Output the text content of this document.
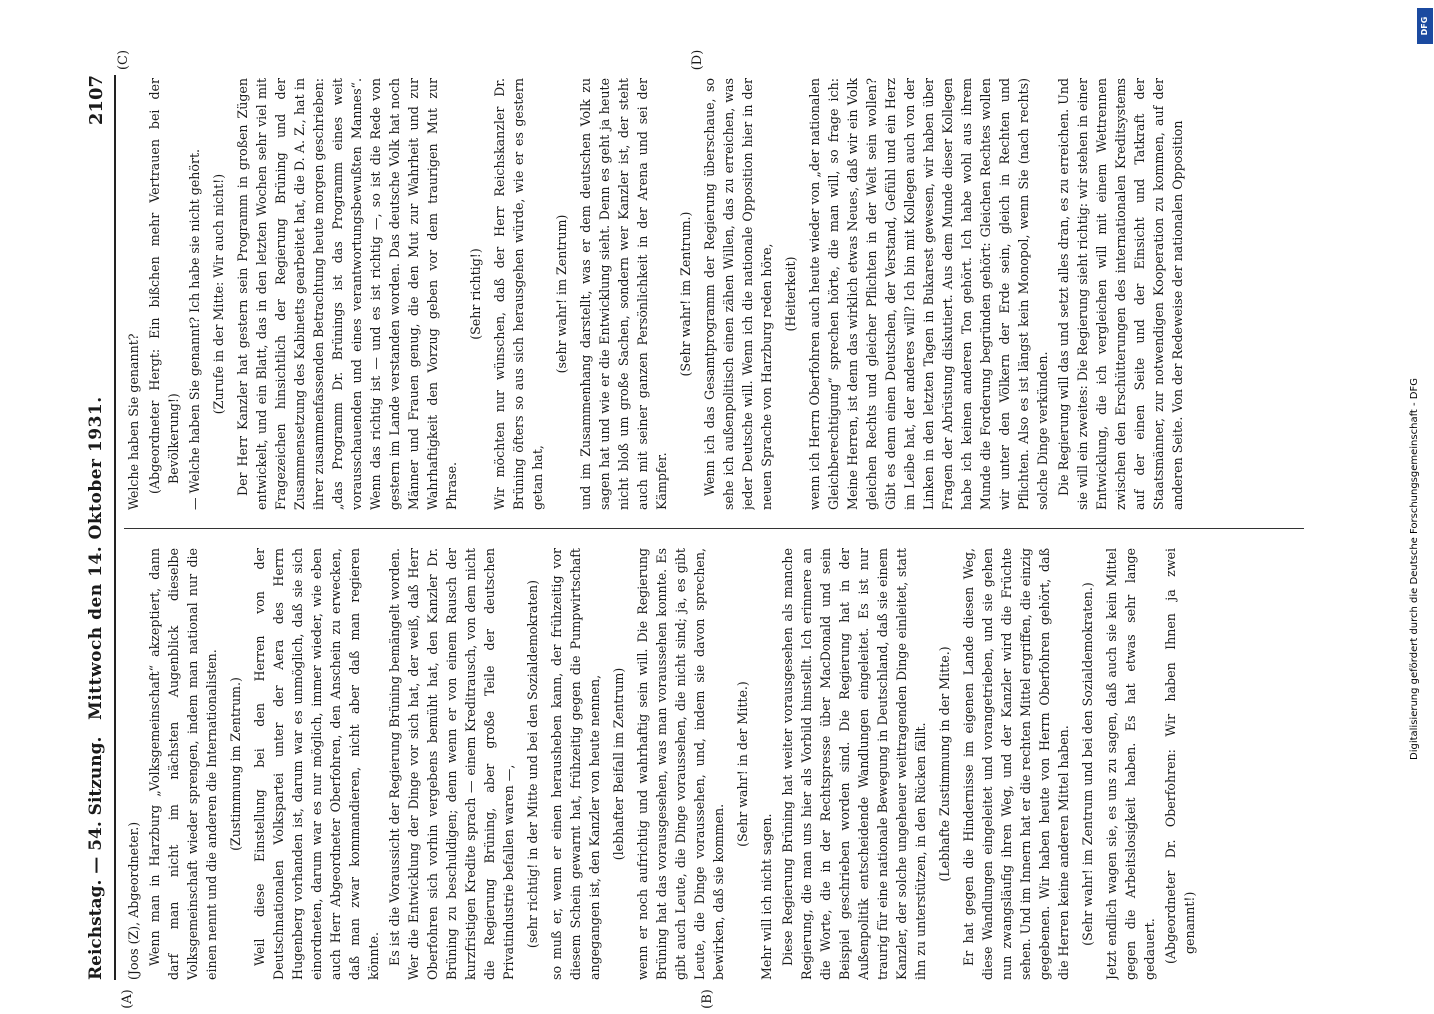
Reichstag. — 54. Sitzung.
Mittwoch den 14. Oktober 1931.
2107
(A)	(B)
(C)	(D)

(Joos (Z), Abgeordneter.) Wenn man in Harzburg „Volksgemeinschaft“ akzeptiert, dann darf man nicht im nächsten Augenblick dieselbe Volksgemeinschaft wieder sprengen, indem man national nur die einen nennt und die anderen die Internationalisten. (Zustimmung im Zentrum.) Weil diese Einstellung bei den Herren von der Deutschnationalen Volkspartei unter der Aera des Herrn Hugenberg vorhanden ist, darum war es unmöglich, daß sie sich einordneten, darum war es nur möglich, immer wieder, wie eben auch Herr Abgeordneter Oberfohren, den Anschein zu erwecken, daß man zwar kommandieren, nicht aber daß man regieren könnte. Es ist die Voraussicht der Regierung Brüning bemängelt worden. Wer die Entwicklung der Dinge vor sich hat, der weiß, daß Herr Oberfohren sich vorhin vergebens bemüht hat, den Kanzler Dr. Brüning zu beschuldigen; denn wenn er von einem Rausch der kurzfristigen Kredite sprach — einem Kreditrausch, von dem nicht die Regierung Brüning, aber große Teile der deutschen Privatindustrie befallen waren —, (sehr richtig! in der Mitte und bei den Sozialdemokraten) so muß er, wenn er einen herausheben kann, der frühzeitig vor diesem Schein gewarnt hat, frühzeitig gegen die Pumpwirtschaft angegangen ist, den Kanzler von heute nennen, (lebhafter Beifall im Zentrum) wenn er noch aufrichtig und wahrhaftig sein will. Die Regierung Brüning hat das vorausgesehen, was man voraussehen konnte. Es gibt auch Leute, die Dinge voraussehen, die nicht sind; ja, es gibt Leute, die Dinge voraussehen, und, indem sie davon sprechen, bewirken, daß sie kommen.

(Sehr wahr! in der Mitte.)

Mehr will ich nicht sagen. Diese Regierung Brüning hat weiter vorausgesehen als manche Regierung, die man uns hier als Vorbild hinstellt. Ich erinnere an die Worte, die in der Rechtspresse über MacDonald und sein Beispiel geschrieben worden sind. Die Regierung hat in der Außenpolitik entscheidende Wandlungen eingeleitet. Es ist nur traurig für eine nationale Bewegung in Deutschland, daß sie einem Kanzler, der solche ungeheuer weittragenden Dinge einleitet, statt ihn zu unterstützen, in den Rücken fällt. (Lebhafte Zustimmung in der Mitte.) Er hat gegen die Hindernisse im eigenen Lande diesen Weg, diese Wandlungen eingeleitet und vorangetrieben, und sie gehen nun zwangsläufig ihren Weg, und der Kanzler wird die Früchte sehen. Und im Innern hat er die rechten Mittel ergriffen, die einzig gegebenen. Wir haben heute von Herrn Oberfohren gehört, daß die Herren keine anderen Mittel haben. (Sehr wahr! im Zentrum und bei den Sozialdemokraten.) Jetzt endlich wagen sie, es uns zu sagen, daß auch sie kein Mittel gegen die Arbeitslosigkeit haben. Es hat etwas sehr lange gedauert. (Abgeordneter Dr. Oberfohren: Wir haben Ihnen ja zwei genannt!)

Welche haben Sie genannt? (Abgeordneter Hergt: Ein bißchen mehr Vertrauen bei der Bevölkerung!) — Welche haben Sie genannt? Ich habe sie nicht gehört. (Zurufe in der Mitte: Wir auch nicht!) Der Herr Kanzler hat gestern sein Programm in großen Zügen entwickelt, und ein Blatt, das in den letzten Wochen sehr viel mit Fragezeichen hinsichtlich der Regierung Brüning und der Zusammensetzung des Kabinetts gearbeitet hat, die D. A. Z., hat in ihrer zusammenfassenden Betrachtung heute morgen geschrieben: „das Programm Dr. Brünings ist das Programm eines weit vorausschauenden und eines verantwortungsbewußten Mannes“. Wenn das richtig ist — und es ist richtig —, so ist die Rede von gestern im Lande verstanden worden. Das deutsche Volk hat noch Männer und Frauen genug, die den Mut zur Wahrheit und zur Wahrhaftigkeit den Vorzug geben vor dem traurigen Mut zur Phrase.

(Sehr richtig!) Wir möchten nur wünschen, daß der Herr Reichskanzler Dr. Brüning öfters so aus sich herausgehen würde, wie er es gestern getan hat,

(sehr wahr! im Zentrum) und im Zusammenhang darstellt, was er dem deutschen Volk zu sagen hat und wie er die Entwicklung sieht. Denn es geht ja heute nicht bloß um große Sachen, sondern wer Kanzler ist, der steht auch mit seiner ganzen Persönlichkeit in der Arena und sei der Kämpfer.

(Sehr wahr! im Zentrum.) Wenn ich das Gesamtprogramm der Regierung überschaue, so sehe ich außenpolitisch einen zähen Willen, das zu erreichen, was jeder Deutsche will. Wenn ich die nationale Opposition hier in der neuen Sprache von Harzburg reden höre, (Heiterkeit) wenn ich Herrn Oberfohren auch heute wieder von „der nationalen Gleichberechtigung“ sprechen hörte, die man will, so frage ich: Meine Herren, ist denn das wirklich etwas Neues, daß wir ein Volk gleichen Rechts und gleicher Pflichten in der Welt sein wollen? Gibt es denn einen Deutschen, der Verstand, Gefühl und ein Herz im Leibe hat, der anderes will? Ich bin mit Kollegen auch von der Linken in den letzten Tagen in Bukarest gewesen, wir haben über Fragen der Abrüstung diskutiert. Aus dem Munde dieser Kollegen habe ich keinen anderen Ton gehört. Ich habe wohl aus ihrem Munde die Forderung begründen gehört: Gleichen Rechtes wollen wir unter den Völkern der Erde sein, gleich in Rechten und Pflichten. Also es ist längst kein Monopol, wenn Sie (nach rechts) solche Dinge verkünden. Die Regierung will das und setzt alles dran, es zu erreichen. Und sie will ein zweites: Die Regierung sieht richtig: wir stehen in einer Entwicklung, die ich vergleichen will mit einem Wettrennen zwischen den Erschütterungen des internationalen Kreditsystems auf der einen Seite und der Einsicht und Tatkraft der Staatsmänner, zur notwendigen Kooperation zu kommen, auf der anderen Seite. Von der Redeweise der nationalen Opposition

DFG
Digitalisierung gefördert durch die Deutsche Forschungsgemeinschaft - DFG
